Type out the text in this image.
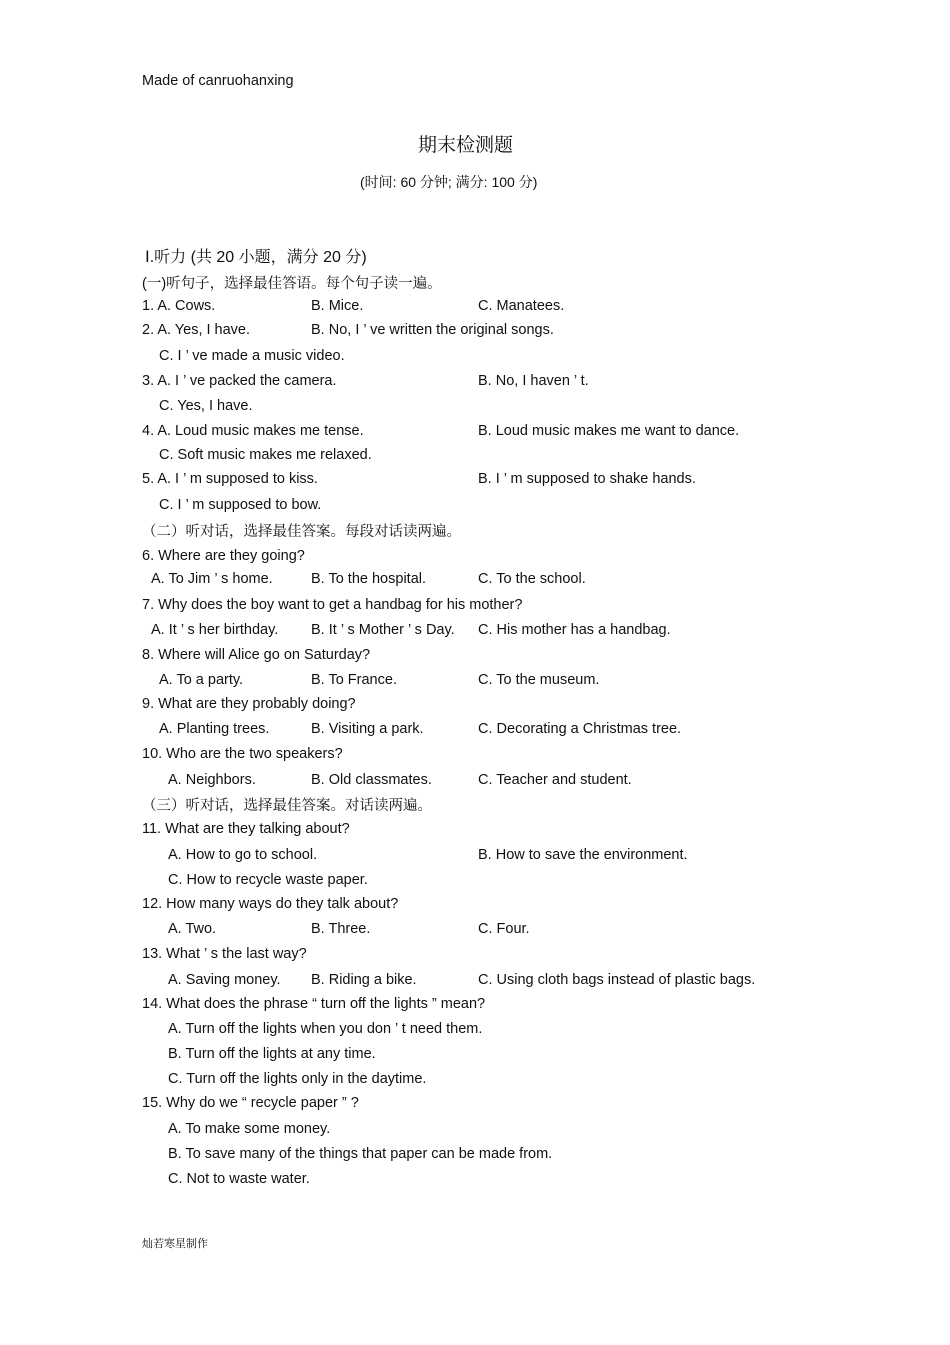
Made of canruohanxing
期末检测题
(时间: 60 分钟; 满分: 100 分)
Ⅰ.听力 (共 20 小题，满分 20 分)
(一)听句子，选择最佳答语。每个句子读一遍。
1. A. Cows.	B. Mice.	C. Manatees.
2. A. Yes, I have.	B. No, I ’ ve written the original songs.
C. I ’ ve made a music video.
3. A. I ’ ve packed the camera.	B. No, I haven ’ t.
C. Yes, I have.
4. A. Loud music makes me tense.	B. Loud music makes me want to dance.
C. Soft music makes me relaxed.
5. A. I ’ m supposed to kiss.	B. I ’ m supposed to shake hands.
C. I ’ m supposed to bow.
（二）听对话，选择最佳答案。每段对话读两遍。
6. Where are they going?
A. To Jim ’ s home.	B. To the hospital.	C. To the school.
7. Why does the boy want to get a handbag for his mother?
A. It ’ s her birthday. B. It ’ s Mother ’ s Day. C. His mother has a handbag.
8. Where will Alice go on Saturday?
A. To a party.	B. To France.	C. To the museum.
9. What are they probably doing?
A. Planting trees.	B. Visiting a park.	C. Decorating a Christmas tree.
10. Who are the two speakers?
A. Neighbors.	B. Old classmates.	C. Teacher and student.
（三）听对话，选择最佳答案。对话读两遍。
11. What are they talking about?
A. How to go to school.	B. How to save the environment.
C. How to recycle waste paper.
12. How many ways do they talk about?
A. Two.	B. Three.	C. Four.
13. What ’ s the last way?
A. Saving money. B. Riding a bike.	C. Using cloth bags instead of plastic bags.
14. What does the phrase “ turn off the lights ” mean?
A. Turn off the lights when you don ’ t need them.
B. Turn off the lights at any time.
C. Turn off the lights only in the daytime.
15. Why do we “ recycle paper ” ?
A. To make some money.
B. To save many of the things that paper can be made from.
C. Not to waste water.
灿若寒星制作
